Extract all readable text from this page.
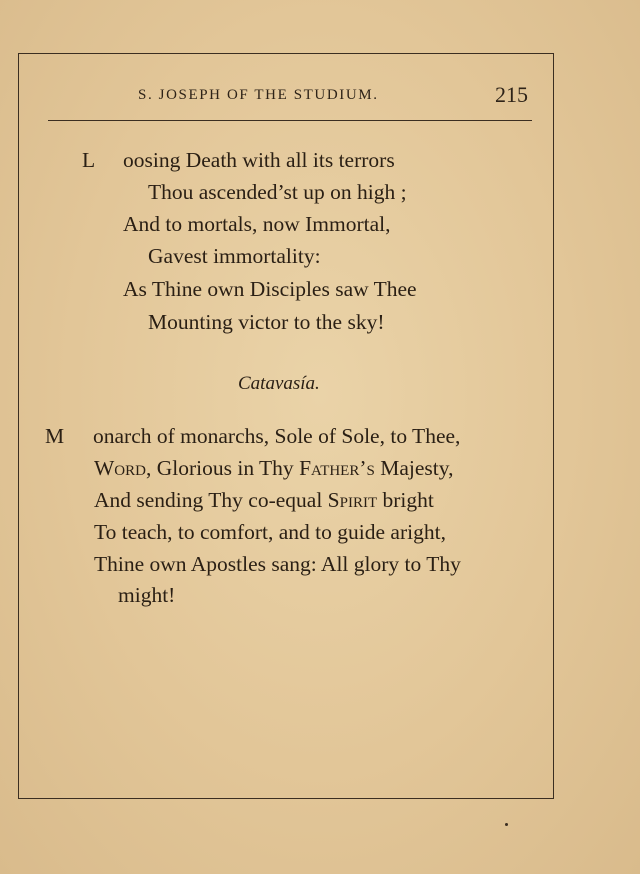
S. JOSEPH OF THE STUDIUM.	215
L oosing Death with all its terrors
Thou ascended’st up on high ;
And to mortals, now Immortal,
Gavest immortality:
As Thine own Disciples saw Thee
Mounting victor to the sky!
Catavasía.
M onarch of monarchs, Sole of Sole, to Thee,
Word, Glorious in Thy Father’s Majesty,
And sending Thy co-equal Spirit bright
To teach, to comfort, and to guide aright,
Thine own Apostles sang: All glory to Thy
might!
